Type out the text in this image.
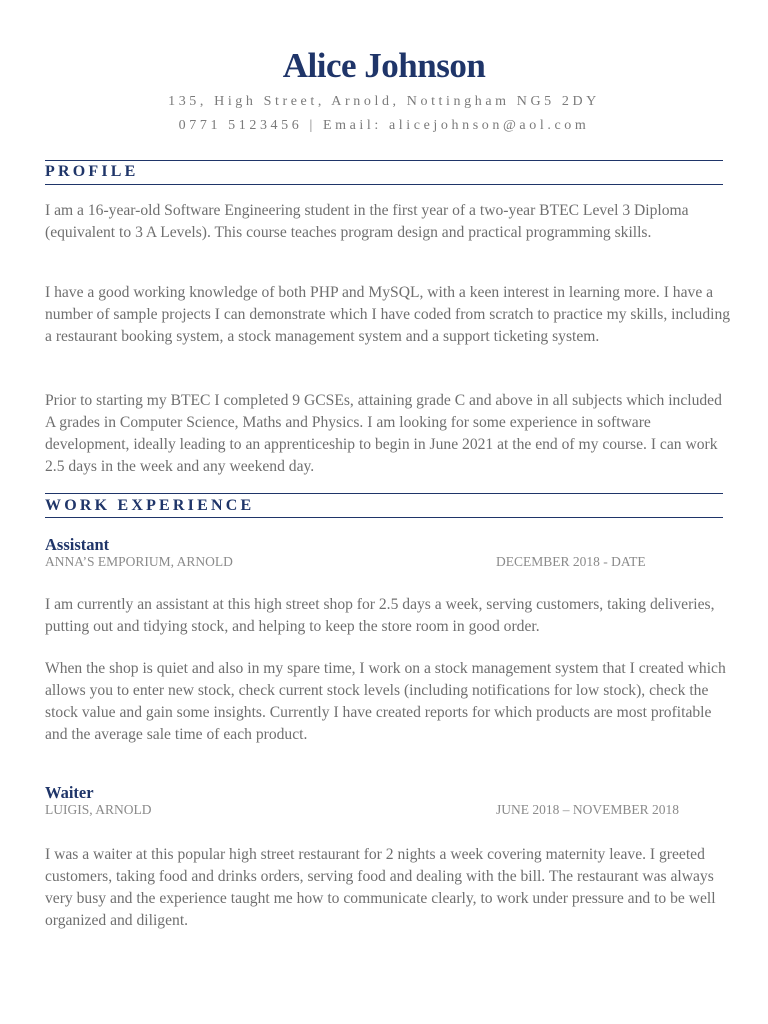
Alice Johnson
135, High Street, Arnold, Nottingham NG5 2DY
0771 5123456 | Email: alicejohnson@aol.com
PROFILE

I am a 16-year-old Software Engineering student in the first year of a two-year BTEC Level 3 Diploma (equivalent to 3 A Levels). This course teaches program design and practical programming skills.

I have a good working knowledge of both PHP and MySQL, with a keen interest in learning more. I have a number of sample projects I can demonstrate which I have coded from scratch to practice my skills, including a restaurant booking system, a stock management system and a support ticketing system.

Prior to starting my BTEC I completed 9 GCSEs, attaining grade C and above in all subjects which included A grades in Computer Science, Maths and Physics. I am looking for some experience in software development, ideally leading to an apprenticeship to begin in June 2021 at the end of my course. I can work 2.5 days in the week and any weekend day.

WORK EXPERIENCE
Assistant
ANNA’S EMPORIUM, ARNOLD	DECEMBER 2018 - DATE

I am currently an assistant at this high street shop for 2.5 days a week, serving customers, taking deliveries, putting out and tidying stock, and helping to keep the store room in good order.

When the shop is quiet and also in my spare time, I work on a stock management system that I created which allows you to enter new stock, check current stock levels (including notifications for low stock), check the stock value and gain some insights. Currently I have created reports for which products are most profitable and the average sale time of each product.

Waiter
LUIGIS, ARNOLD	JUNE 2018 – NOVEMBER 2018

I was a waiter at this popular high street restaurant for 2 nights a week covering maternity leave. I greeted customers, taking food and drinks orders, serving food and dealing with the bill. The restaurant was always very busy and the experience taught me how to communicate clearly, to work under pressure and to be well organized and diligent.
